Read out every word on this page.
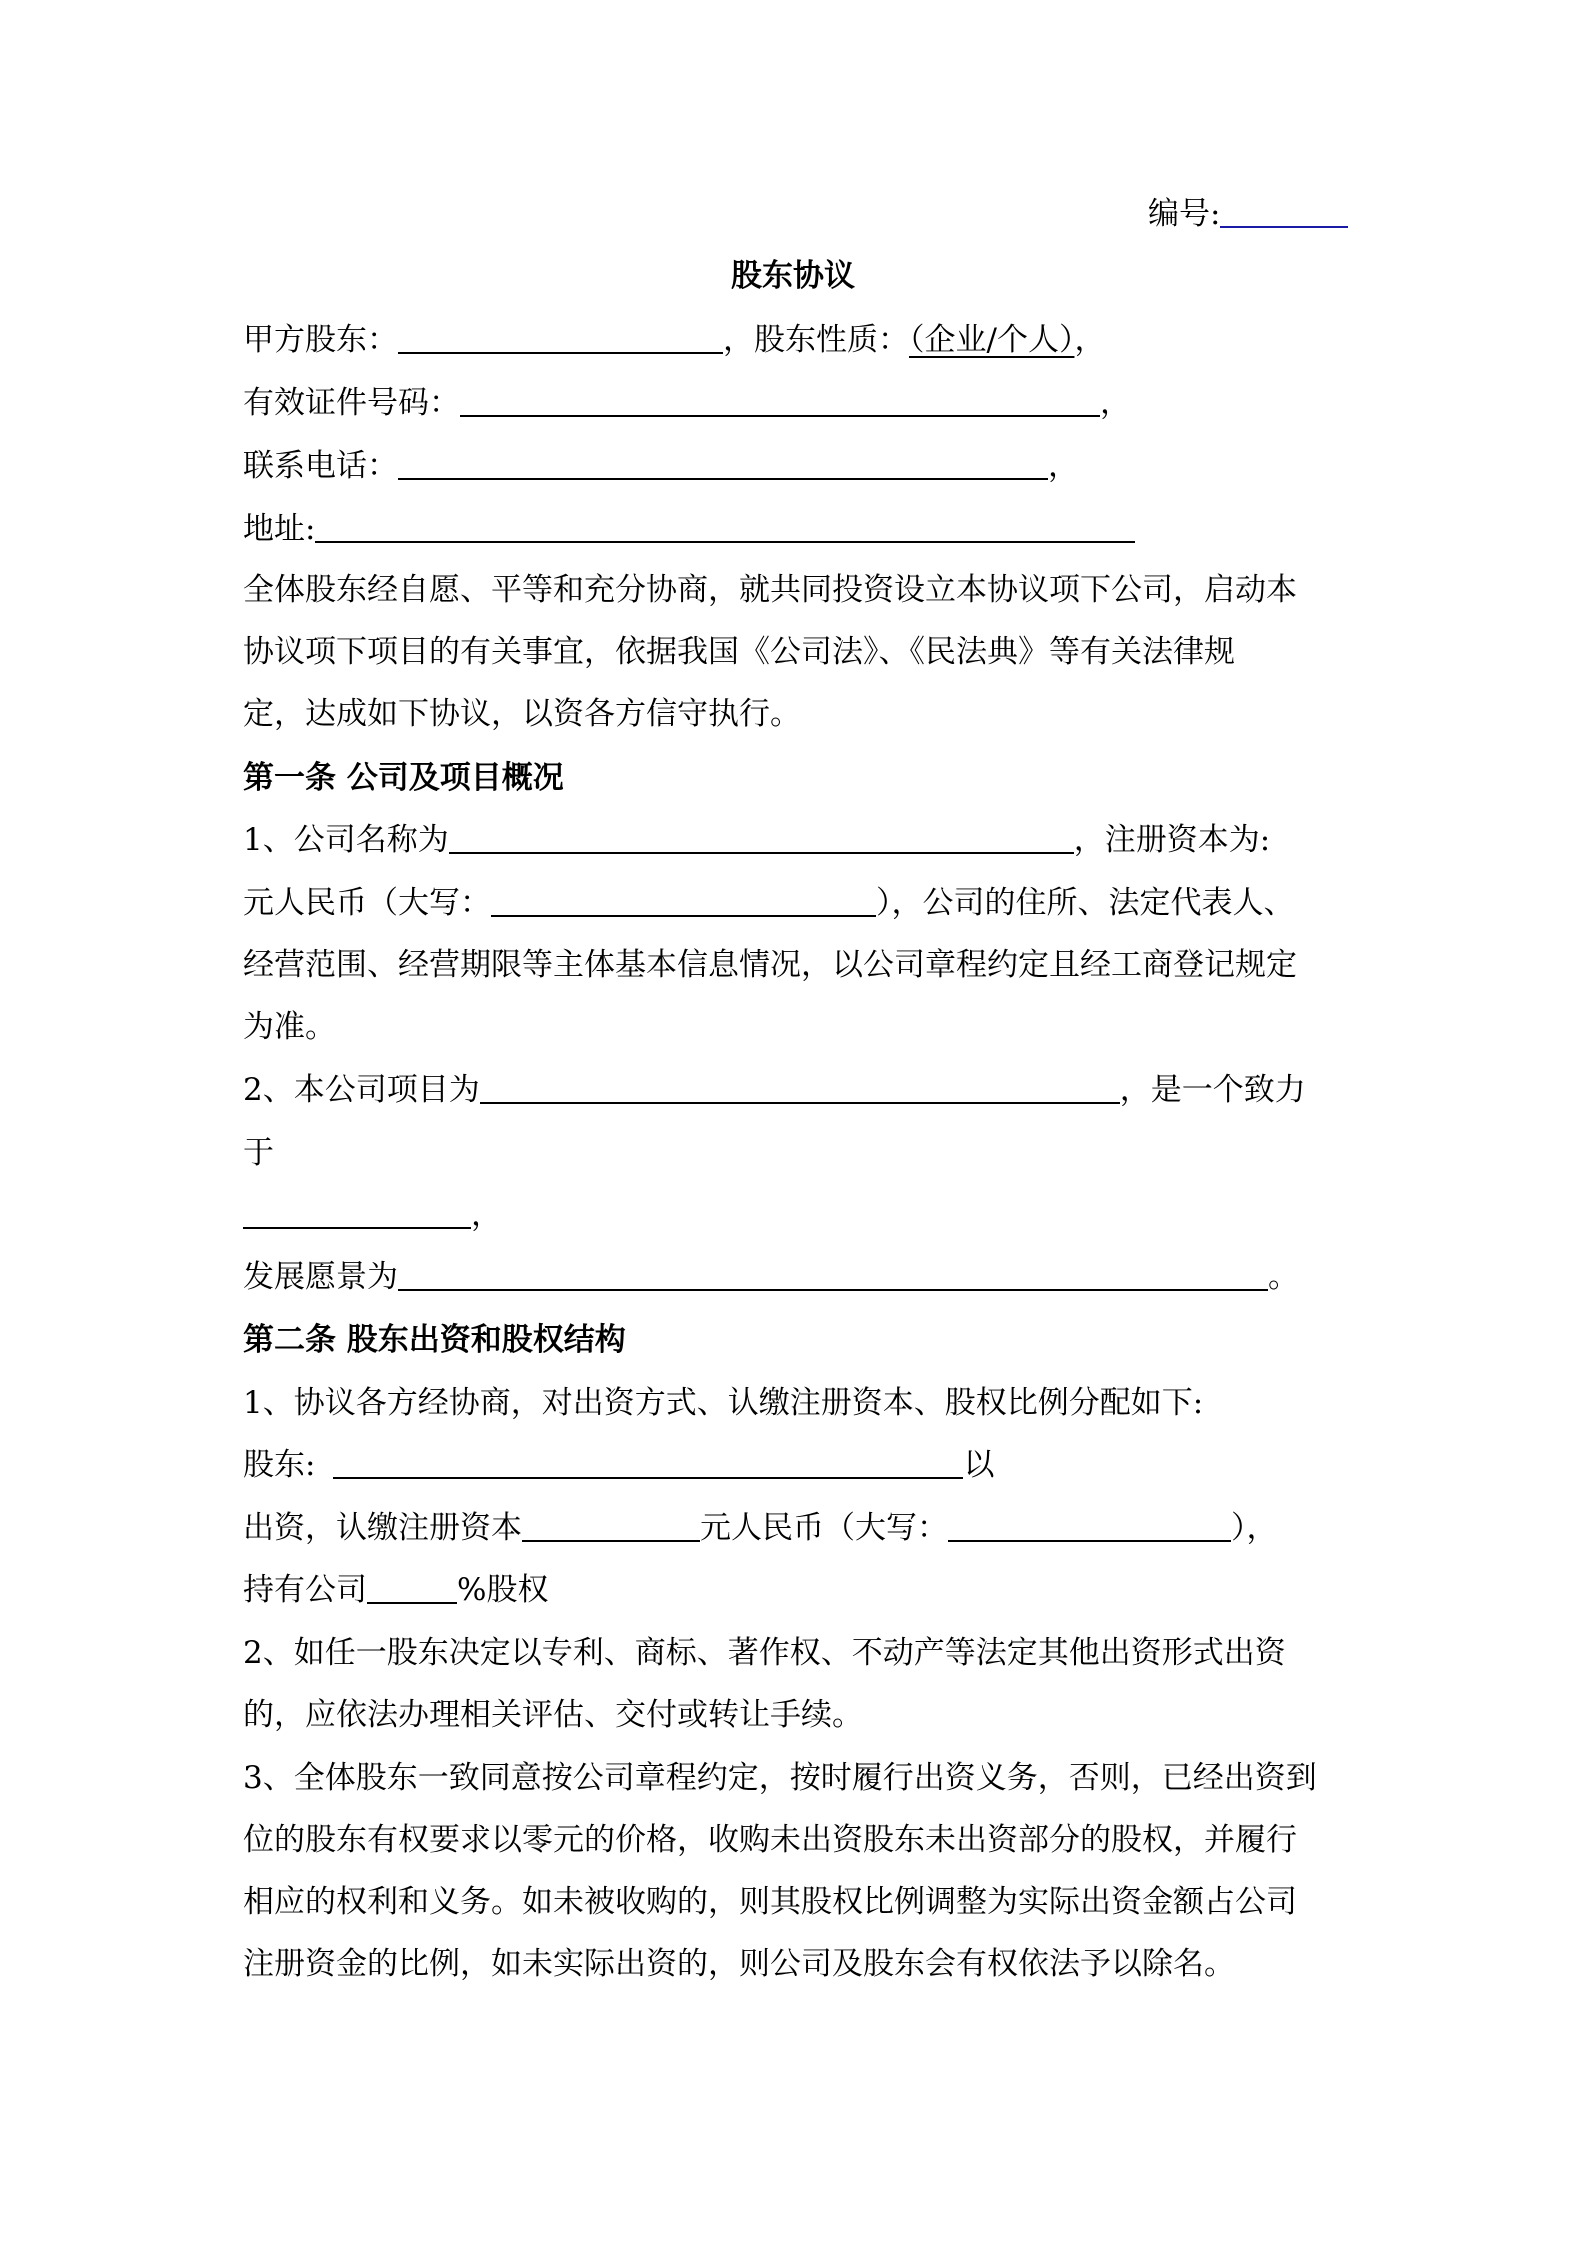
编号:
股东协议
甲方股东：	，股东性质：（企业/个人），
有效证件号码：	，
联系电话：	，
地址:
全体股东经自愿、平等和充分协商，就共同投资设立本协议项下公司，启动本
协议项下项目的有关事宜，依据我国《公司法》、《民法典》等有关法律规
定，达成如下协议，以资各方信守执行。
第一条 公司及项目概况
1、公司名称为	，注册资本为:
元人民币（大写：	），公司的住所、法定代表人、
经营范围、经营期限等主体基本信息情况，以公司章程约定且经工商登记规定
为准。
2、本公司项目为	，是一个致力
于
，
发展愿景为	。
第二条 股东出资和股权结构
1、协议各方经协商，对出资方式、认缴注册资本、股权比例分配如下:
股东:	以
出资，认缴注册资本	元人民币（大写：	），
持有公司	%股权
2、如任一股东决定以专利、商标、著作权、不动产等法定其他出资形式出资
的，应依法办理相关评估、交付或转让手续。
3、全体股东一致同意按公司章程约定，按时履行出资义务，否则，已经出资到
位的股东有权要求以零元的价格，收购未出资股东未出资部分的股权，并履行
相应的权利和义务。如未被收购的，则其股权比例调整为实际出资金额占公司
注册资金的比例，如未实际出资的，则公司及股东会有权依法予以除名。
